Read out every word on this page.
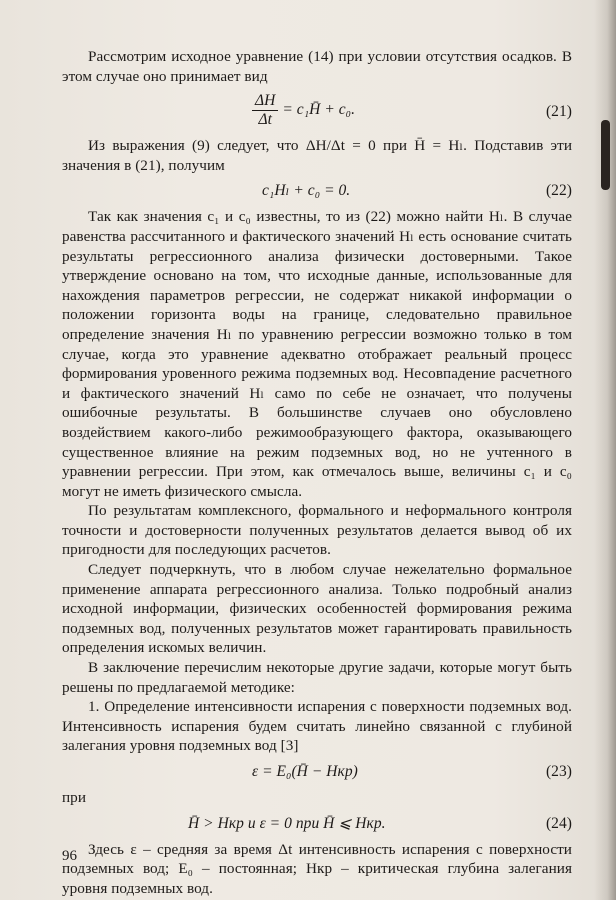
Рассмотрим исходное уравнение (14) при условии отсутствия осадков. В этом случае оно принимает вид

$\frac{\Delta H}{\Delta t}$ = c₁H̄ + c₀.	(21)

Из выражения (9) следует, что ΔH/Δt = 0 при H̄ = Hₗ. Подставив эти значения в (21), получим

c₁Hₗ + c₀ = 0.	(22)

Так как значения c₁ и c₀ известны, то из (22) можно найти Hₗ. В случае равенства рассчитанного и фактического значений Hₗ есть основание считать результаты регрессионного анализа физически достоверными. Такое утверждение основано на том, что исходные данные, использованные для нахождения параметров регрессии, не содержат никакой информации о положении горизонта воды на границе, следовательно правильное определение значения Hₗ по уравнению регрессии возможно только в том случае, когда это уравнение адекватно отображает реальный процесс формирования уровенного режима подземных вод. Несовпадение расчетного и фактического значений Hₗ само по себе не означает, что получены ошибочные результаты. В большинстве случаев оно обусловлено воздействием какого-либо режимообразующего фактора, оказывающего существенное влияние на режим подземных вод, но не учтенного в уравнении регрессии. При этом, как отмечалось выше, величины c₁ и c₀ могут не иметь физического смысла.

По результатам комплексного, формального и неформального контроля точности и достоверности полученных результатов делается вывод об их пригодности для последующих расчетов.

Следует подчеркнуть, что в любом случае нежелательно формальное применение аппарата регрессионного анализа. Только подробный анализ исходной информации, физических особенностей формирования режима подземных вод, полученных результатов может гарантировать правильность определения искомых величин.

В заключение перечислим некоторые другие задачи, которые могут быть решены по предлагаемой методике:

1. Определение интенсивности испарения с поверхности подземных вод. Интенсивность испарения будем считать линейно связанной с глубиной залегания уровня подземных вод [3]

ε = E₀(H̄ − Hкр)	(23)

при

H̄ > Hкр и ε = 0 при H̄ ⩽ Hкр.	(24)

Здесь ε – средняя за время Δt интенсивность испарения с поверхности подземных вод; E₀ – постоянная; Hкр – критическая глубина залегания уровня подземных вод.

96
